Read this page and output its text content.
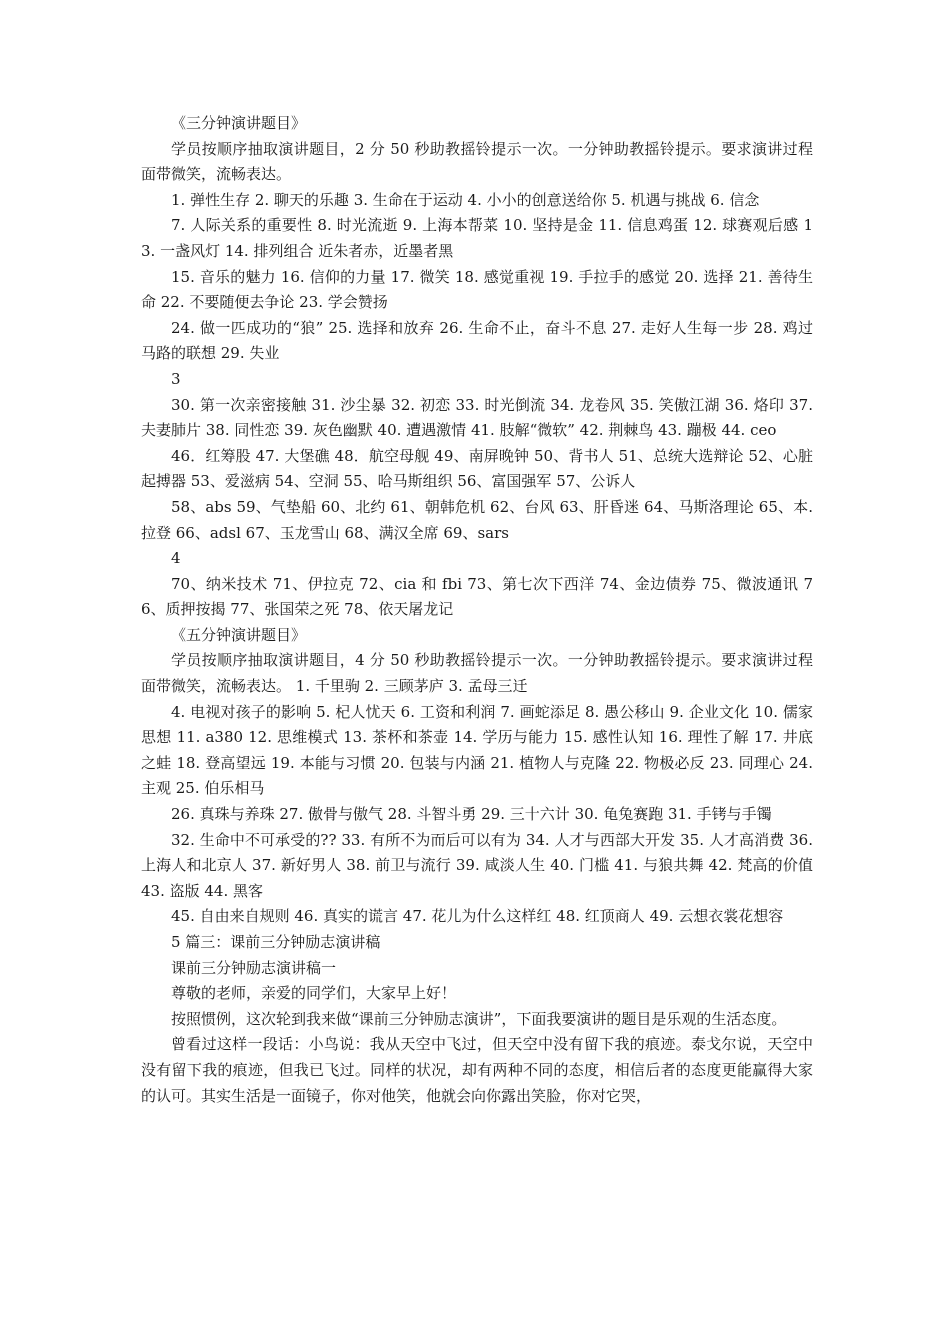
《三分钟演讲题目》

学员按顺序抽取演讲题目，2 分 50 秒助教摇铃提示一次。一分钟助教摇铃提示。要求演讲过程面带微笑，流畅表达。

1. 弹性生存 2. 聊天的乐趣 3. 生命在于运动 4. 小小的创意送给你 5. 机遇与挑战 6. 信念

7. 人际关系的重要性 8. 时光流逝 9. 上海本帮菜 10. 坚持是金 11. 信息鸡蛋 12. 球赛观后感 13. 一盏风灯 14. 排列组合 近朱者赤，近墨者黑

15. 音乐的魅力 16. 信仰的力量 17. 微笑 18. 感觉重视 19. 手拉手的感觉 20. 选择 21. 善待生命 22. 不要随便去争论 23. 学会赞扬

24. 做一匹成功的“狼” 25. 选择和放弃 26. 生命不止，奋斗不息 27. 走好人生每一步 28. 鸡过马路的联想 29. 失业

3

30. 第一次亲密接触 31. 沙尘暴 32. 初恋 33. 时光倒流 34. 龙卷风 35. 笑傲江湖 36. 烙印 37. 夫妻肺片 38. 同性恋 39. 灰色幽默 40. 遭遇激情 41. 肢解“微软” 42. 荆棘鸟 43. 蹦极 44. ceo

46．红筹股 47. 大堡礁 48．航空母舰 49、南屏晚钟 50、背书人 51、总统大选辩论 52、心脏起搏器 53、爱滋病 54、空洞 55、哈马斯组织 56、富国强军 57、公诉人

58、abs 59、气垫船 60、北约 61、朝韩危机 62、台风 63、肝昏迷 64、马斯洛理论 65、本.拉登 66、adsl 67、玉龙雪山 68、满汉全席 69、sars

4

70、纳米技术 71、伊拉克 72、cia 和 fbi 73、第七次下西洋 74、金边债券 75、微波通讯 76、质押按揭 77、张国荣之死 78、依天屠龙记

《五分钟演讲题目》

学员按顺序抽取演讲题目，4 分 50 秒助教摇铃提示一次。一分钟助教摇铃提示。要求演讲过程面带微笑，流畅表达。 1. 千里驹 2. 三顾茅庐 3. 孟母三迁

4. 电视对孩子的影响 5. 杞人忧天 6. 工资和利润 7. 画蛇添足 8. 愚公移山 9. 企业文化 10. 儒家思想 11. a380 12. 思维模式 13. 茶杯和茶壶 14. 学历与能力 15. 感性认知 16. 理性了解 17. 井底之蛙 18. 登高望远 19. 本能与习惯 20. 包装与内涵 21. 植物人与克隆 22. 物极必反 23. 同理心 24. 主观 25. 伯乐相马

26. 真珠与养珠 27. 傲骨与傲气 28. 斗智斗勇 29. 三十六计 30. 龟兔赛跑 31. 手铐与手镯

32. 生命中不可承受的?? 33. 有所不为而后可以有为 34. 人才与西部大开发 35. 人才高消费 36. 上海人和北京人 37. 新好男人 38. 前卫与流行 39. 咸淡人生 40. 门槛 41. 与狼共舞 42. 梵高的价值 43. 盗版 44. 黑客

45. 自由来自规则 46. 真实的谎言 47. 花儿为什么这样红 48. 红顶商人 49. 云想衣裳花想容

5 篇三：课前三分钟励志演讲稿

课前三分钟励志演讲稿一

尊敬的老师，亲爱的同学们，大家早上好！

按照惯例，这次轮到我来做“课前三分钟励志演讲”，下面我要演讲的题目是乐观的生活态度。

曾看过这样一段话：小鸟说：我从天空中飞过，但天空中没有留下我的痕迹。泰戈尔说，天空中没有留下我的痕迹，但我已飞过。同样的状况，却有两种不同的态度，相信后者的态度更能赢得大家的认可。其实生活是一面镜子，你对他笑，他就会向你露出笑脸，你对它哭，
